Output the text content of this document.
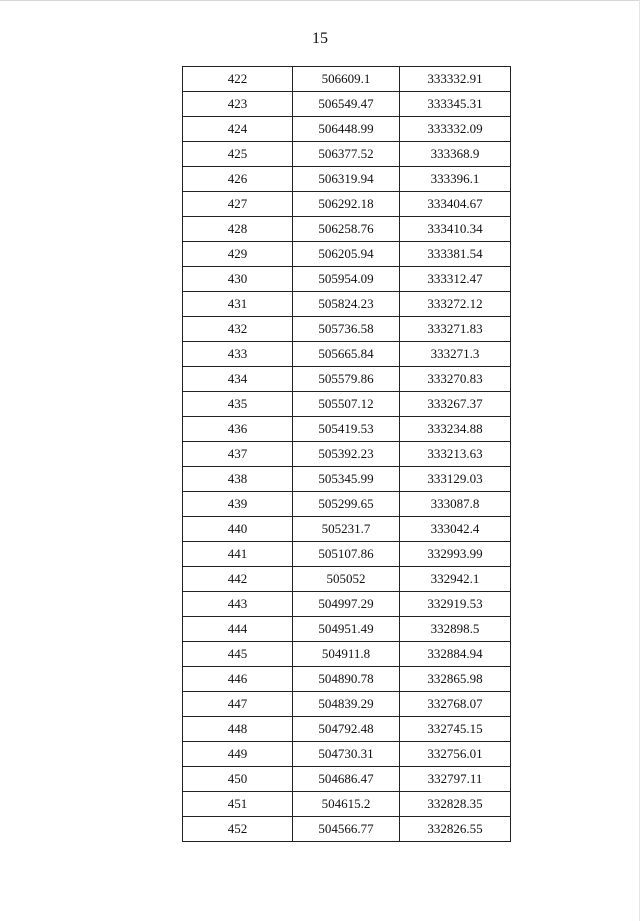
15
422	506609.1	333332.91
423	506549.47	333345.31
424	506448.99	333332.09
425	506377.52	333368.9
426	506319.94	333396.1
427	506292.18	333404.67
428	506258.76	333410.34
429	506205.94	333381.54
430	505954.09	333312.47
431	505824.23	333272.12
432	505736.58	333271.83
433	505665.84	333271.3
434	505579.86	333270.83
435	505507.12	333267.37
436	505419.53	333234.88
437	505392.23	333213.63
438	505345.99	333129.03
439	505299.65	333087.8
440	505231.7	333042.4
441	505107.86	332993.99
442	505052	332942.1
443	504997.29	332919.53
444	504951.49	332898.5
445	504911.8	332884.94
446	504890.78	332865.98
447	504839.29	332768.07
448	504792.48	332745.15
449	504730.31	332756.01
450	504686.47	332797.11
451	504615.2	332828.35
452	504566.77	332826.55
